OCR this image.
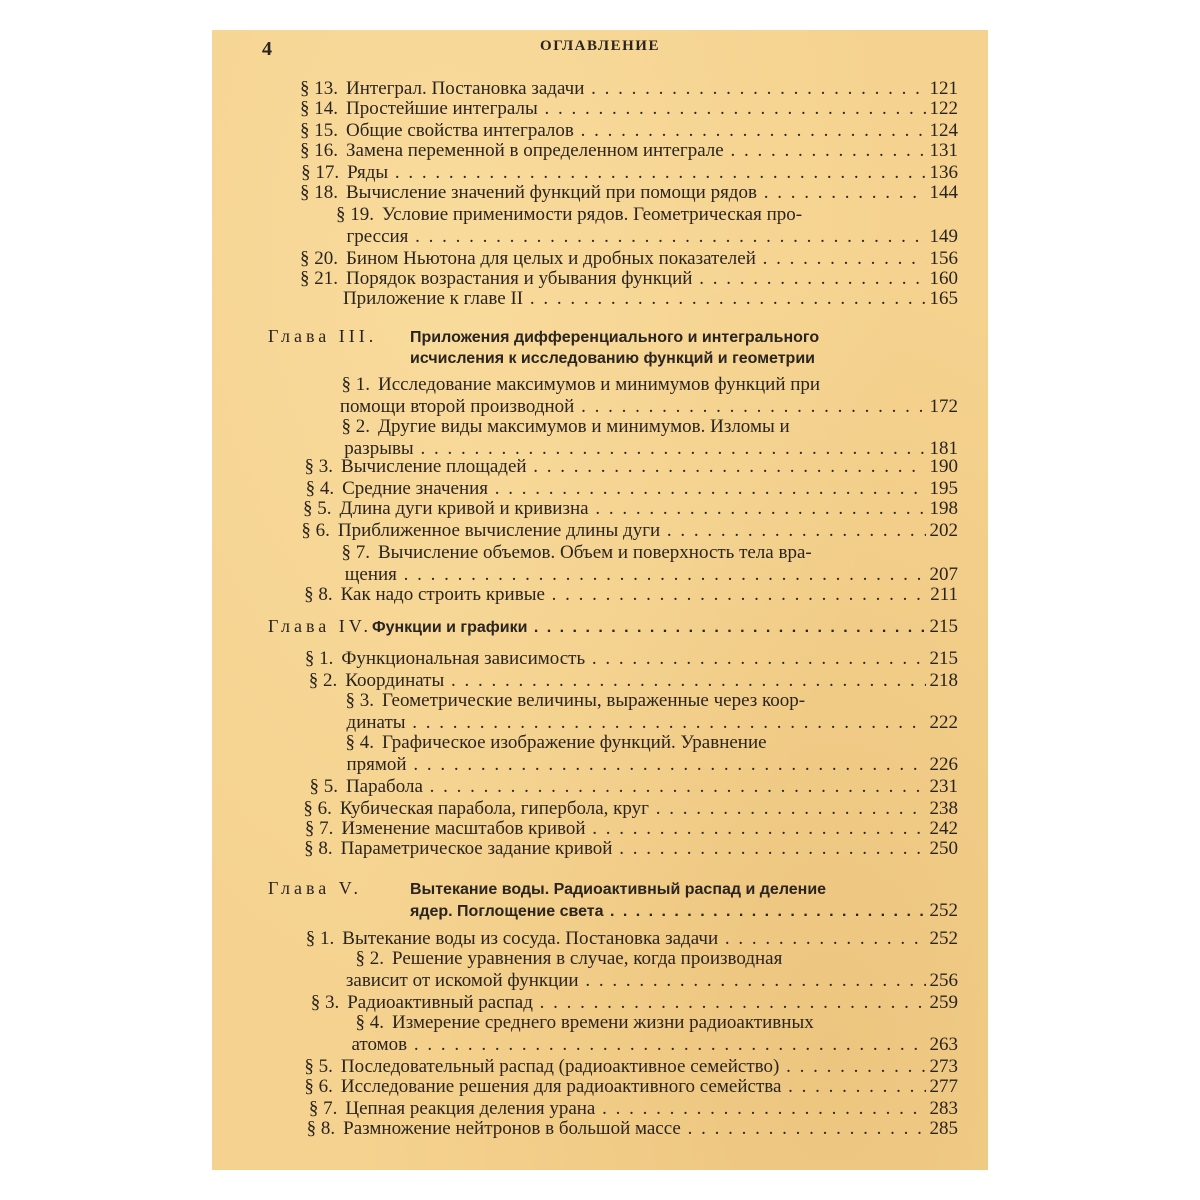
4	ОГЛАВЛЕНИЕ
§ 13. Интеграл. Постановка задачи . . .	121
§ 14. Простейшие интегралы . . .	122
§ 15. Общие свойства интегралов . . .	124
§ 16. Замена переменной в определенном интеграле . . .	131
§ 17. Ряды . . .	136
§ 18. Вычисление значений функций при помощи рядов . . .	144
§ 19. Условие применимости рядов. Геометрическая про-
грессия . . .	149
§ 20. Бином Ньютона для целых и дробных показателей . . .	156
§ 21. Порядок возрастания и убывания функций . . .	160
Приложение к главе II . . .	165
Глава III.	Приложения дифференциального и интегрального
исчисления к исследованию функций и геометрии
§ 1. Исследование максимумов и минимумов функций при
помощи второй производной . . .	172
§ 2. Другие виды максимумов и минимумов. Изломы и
разрывы . . .	181
§ 3. Вычисление площадей . . .	190
§ 4. Средние значения . . .	195
§ 5. Длина дуги кривой и кривизна . . .	198
§ 6. Приближенное вычисление длины дуги . . .	202
§ 7. Вычисление объемов. Объем и поверхность тела вра-
щения . . .	207
§ 8. Как надо строить кривые . . .	211
Глава IV. Функции и графики . . .	215
§ 1. Функциональная зависимость . . .	215
§ 2. Координаты . . .	218
§ 3. Геометрические величины, выраженные через коор-
динаты . . .	222
§ 4. Графическое изображение функций. Уравнение
прямой . . .	226
§ 5. Парабола . . .	231
§ 6. Кубическая парабола, гипербола, круг . . .	238
§ 7. Изменение масштабов кривой . . .	242
§ 8. Параметрическое задание кривой . . .	250
Глава V.	Вытекание воды. Радиоактивный распад и деление
ядер. Поглощение света . . .	252
§ 1. Вытекание воды из сосуда. Постановка задачи . . .	252
§ 2. Решение уравнения в случае, когда производная
зависит от искомой функции . . .	256
§ 3. Радиоактивный распад . . .	259
§ 4. Измерение среднего времени жизни радиоактивных
атомов . . .	263
§ 5. Последовательный распад (радиоактивное семейство) . . .	273
§ 6. Исследование решения для радиоактивного семейства . . .	277
§ 7. Цепная реакция деления урана . . .	283
§ 8. Размножение нейтронов в большой массе . . .	285
